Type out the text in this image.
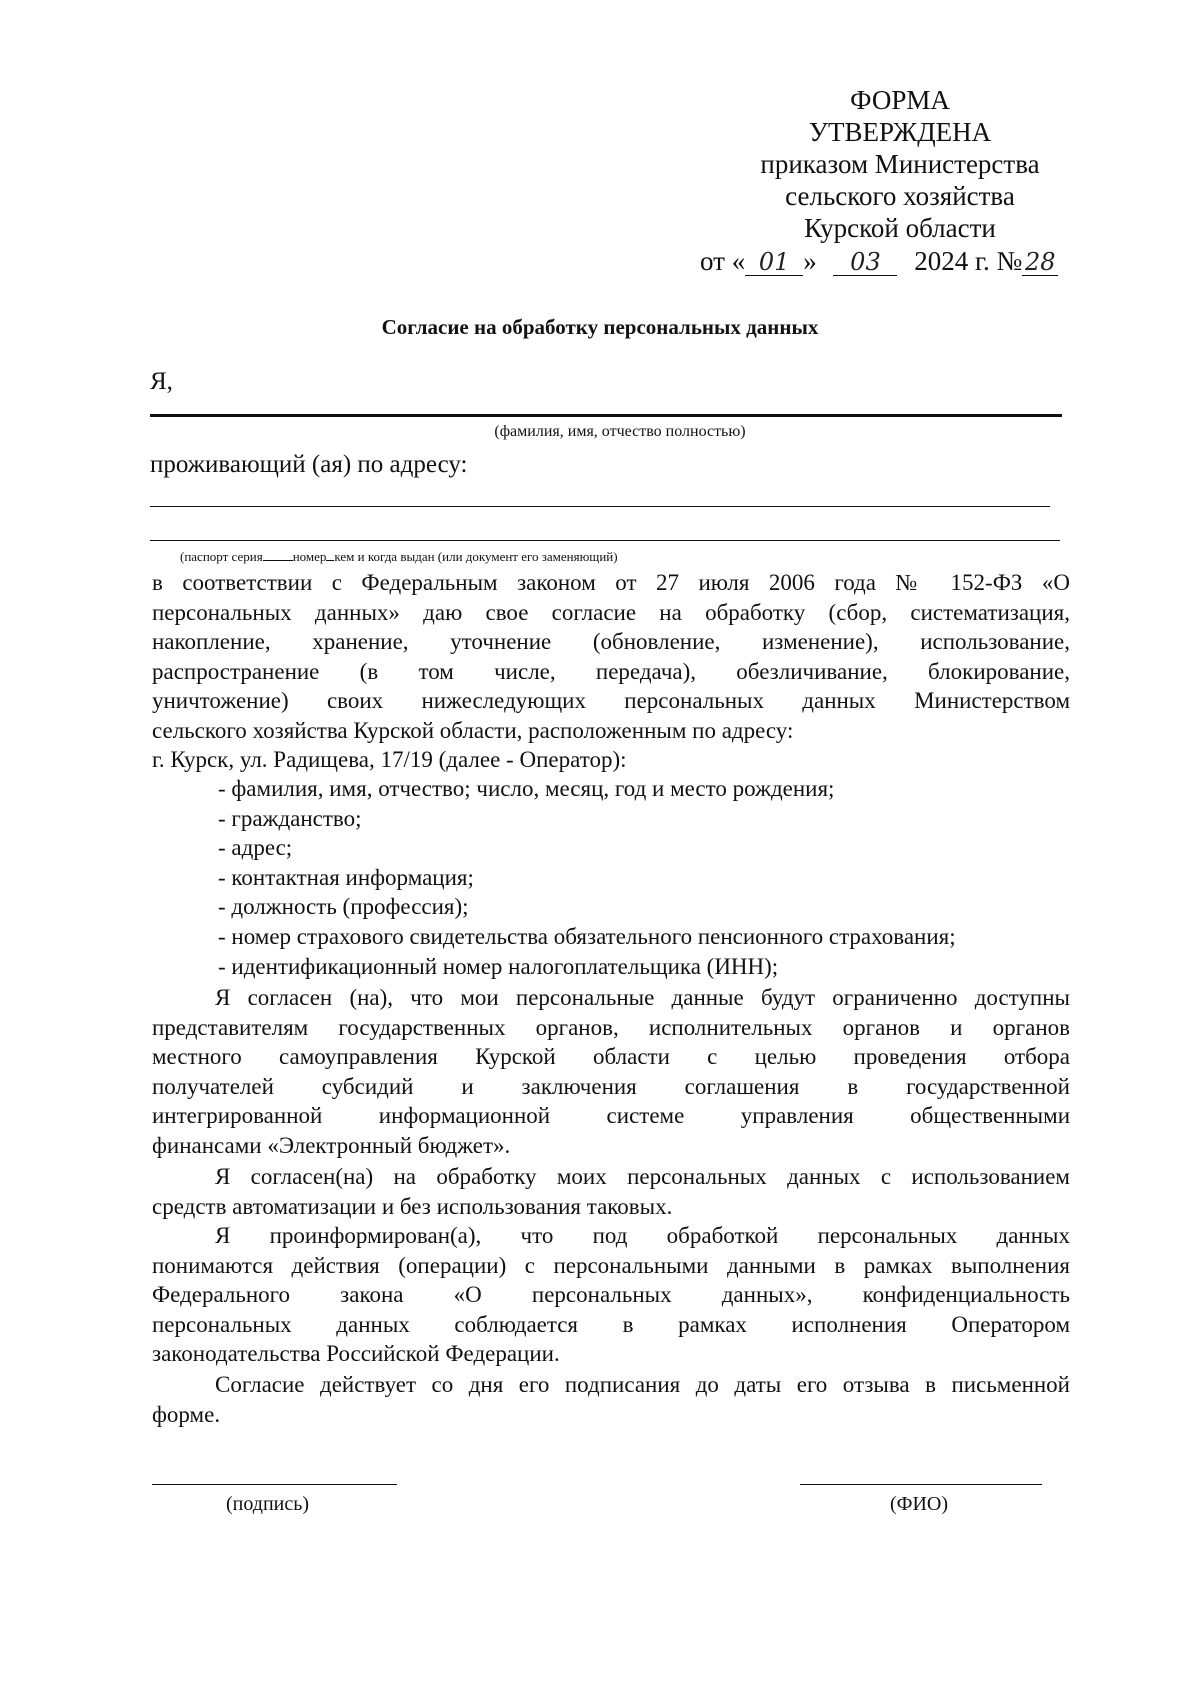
ФОРМА
УТВЕРЖДЕНА
приказом Министерства
сельского хозяйства
Курской области
от « 01 » 03 2024 г. № 28
Согласие на обработку персональных данных
Я,
(фамилия, имя, отчество полностью)
проживающий (ая) по адресу:
(паспорт серия номер кем и когда выдан (или документ его заменяющий)
в соответствии с Федеральным законом от 27 июля 2006 года № 152-ФЗ «О
персональных данных» даю свое согласие на обработку (сбор, систематизация,
накопление, хранение, уточнение (обновление, изменение), использование,
распространение (в том числе, передача), обезличивание, блокирование,
уничтожение) своих нижеследующих персональных данных Министерством
сельского хозяйства Курской области, расположенным по адресу:
г. Курск, ул. Радищева, 17/19 (далее - Оператор):
- фамилия, имя, отчество; число, месяц, год и место рождения;
- гражданство;
- адрес;
- контактная информация;
- должность (профессия);
- номер страхового свидетельства обязательного пенсионного страхования;
- идентификационный номер налогоплательщика (ИНН);
Я согласен (на), что мои персональные данные будут ограниченно доступны
представителям государственных органов, исполнительных органов и органов
местного самоуправления Курской области с целью проведения отбора
получателей субсидий и заключения соглашения в государственной
интегрированной информационной системе управления общественными
финансами «Электронный бюджет».
Я согласен(на) на обработку моих персональных данных с использованием
средств автоматизации и без использования таковых.
Я проинформирован(а), что под обработкой персональных данных
понимаются действия (операции) с персональными данными в рамках выполнения
Федерального закона «О персональных данных», конфиденциальность
персональных данных соблюдается в рамках исполнения Оператором
законодательства Российской Федерации.
Согласие действует со дня его подписания до даты его отзыва в письменной
форме.
(подпись)	(ФИО)
